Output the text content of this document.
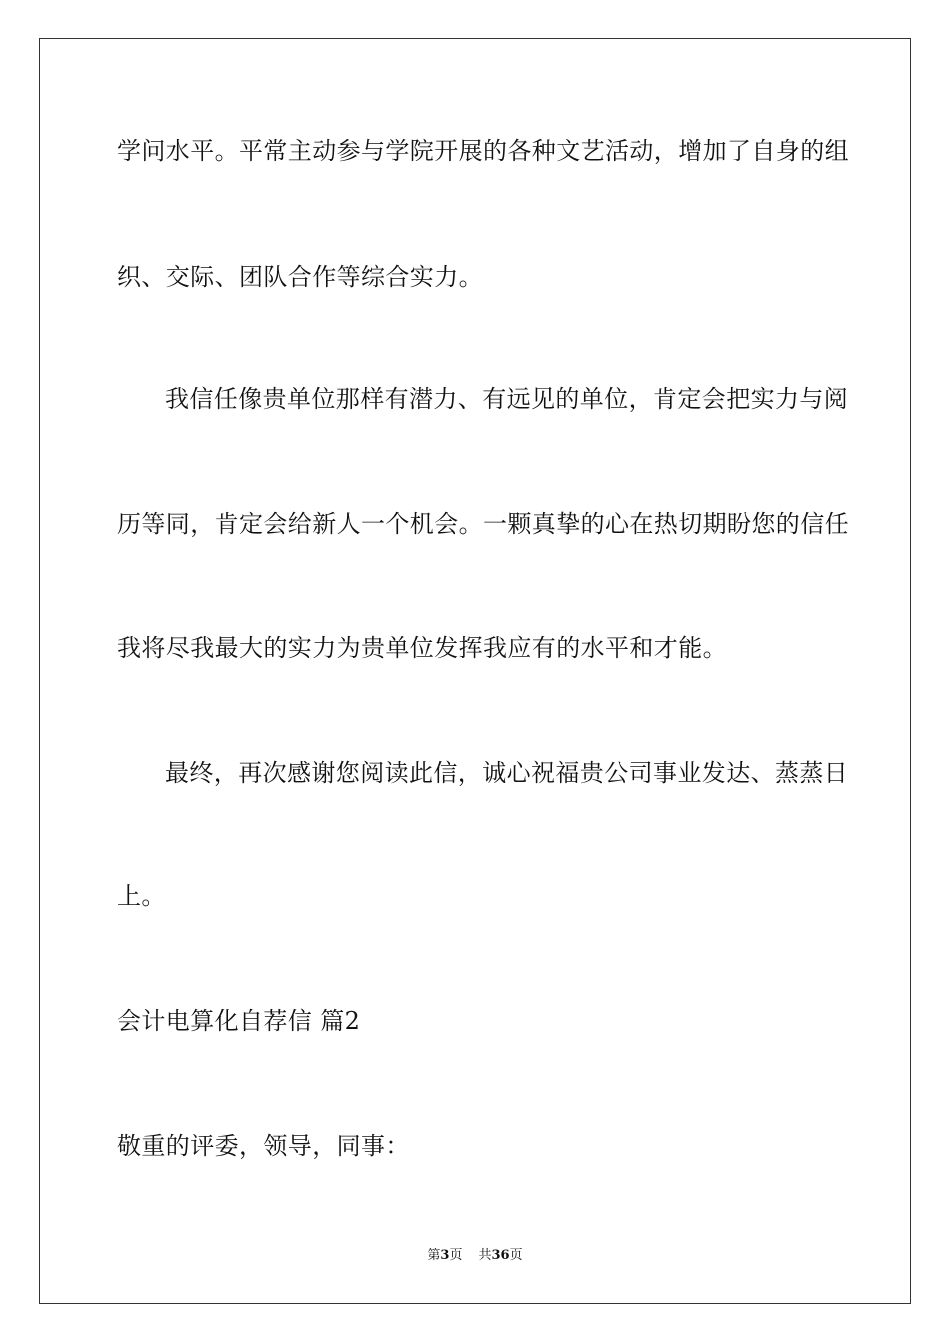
学问水平。平常主动参与学院开展的各种文艺活动，增加了自身的组
织、交际、团队合作等综合实力。
我信任像贵单位那样有潜力、有远见的单位，肯定会把实力与阅
历等同，肯定会给新人一个机会。一颗真挚的心在热切期盼您的信任
我将尽我最大的实力为贵单位发挥我应有的水平和才能。
最终，再次感谢您阅读此信，诚心祝福贵公司事业发达、蒸蒸日
上。
会计电算化自荐信 篇2
敬重的评委，领导，同事：
第3页 共36页
